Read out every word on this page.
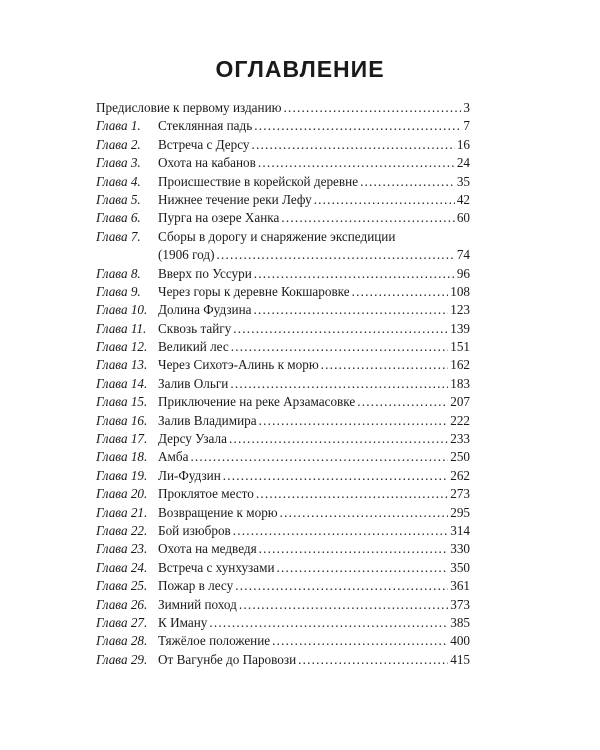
ОГЛАВЛЕНИЕ
Предисловие к первому изданию .....	3
Глава 1.	Стеклянная падь .....	7
Глава 2.	Встреча с Дерсу .....	16
Глава 3.	Охота на кабанов .....	24
Глава 4.	Происшествие в корейской деревне .....	35
Глава 5.	Нижнее течение реки Лефу .....	42
Глава 6.	Пурга на озере Ханка .....	60
Глава 7.	Сборы в дорогу и снаряжение экспедиции
(1906 год) .....	74
Глава 8.	Вверх по Уссури .....	96
Глава 9.	Через горы к деревне Кокшаровке .....	108
Глава 10. Долина Фудзина .....	123
Глава 11. Сквозь тайгу .....	139
Глава 12. Великий лес .....	151
Глава 13. Через Сихотэ-Алинь к морю .....	162
Глава 14. Залив Ольги .....	183
Глава 15. Приключение на реке Арзамасовке .....	207
Глава 16. Залив Владимира .....	222
Глава 17. Дерсу Узала .....	233
Глава 18. Амба .....	250
Глава 19. Ли-Фудзин .....	262
Глава 20. Проклятое место .....	273
Глава 21. Возвращение к морю .....	295
Глава 22. Бой изюбров .....	314
Глава 23. Охота на медведя .....	330
Глава 24. Встреча с хунхузами .....	350
Глава 25. Пожар в лесу .....	361
Глава 26. Зимний поход .....	373
Глава 27. К Иману .....	385
Глава 28. Тяжёлое положение .....	400
Глава 29. От Вагунбе до Паровози .....	415
